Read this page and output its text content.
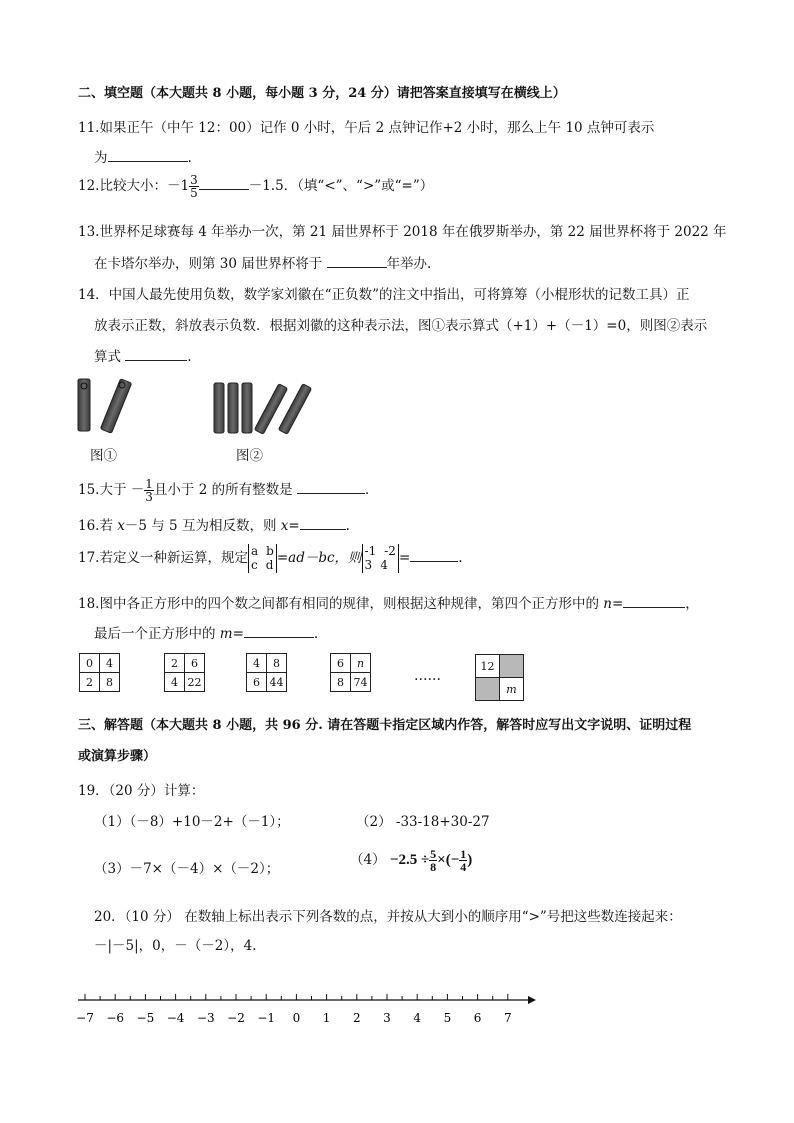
二、填空题（本大题共 8 小题，每小题 3 分，24 分）请把答案直接填写在横线上）
11.如果正午（中午 12：00）记作 0 小时，午后 2 点钟记作+2 小时，那么上午 10 点钟可表示
为	.
12.比较大小：$-1 \frac{3}{5}$	－1.5．（填“<”、“>”或“=”）
13.世界杯足球赛每 4 年举办一次，第 21 届世界杯于 2018 年在俄罗斯举办，第 22 届世界杯将于 2022 年
在卡塔尔举办，则第 30 届世界杯将于	年举办.
14．中国人最先使用负数，数学家刘徽在“正负数”的注文中指出，可将算筹（小棍形状的记数工具）正
放表示正数，斜放表示负数．根据刘徽的这种表示法，图①表示算式（+1）+（－1）=0，则图②表示
算式	.
图①	图②
15.大于 － $\frac{1}{3}$ 且小于 2 的所有整数是	.
16.若 x－5 与 5 互为相反数，则 x=	.
17.若定义一种新运算，规定 a b
c d =ad－bc，则 -1 -2
3 4 =	.
18.图中各正方形中的四个数之间都有相同的规律，则根据这种规律，第四个正方形中的 n=	，
最后一个正方形中的 m=	.
0	4
2	8
2	6
4	22
4	8
6	44
6	n
8	74	……
12	
	m
三、解答题（本大题共 8 小题，共 96 分. 请在答题卡指定区域内作答，解答时应写出文字说明、证明过程
或演算步骤）
19．（20 分）计算：
（1）（－8）+10－2+（－1）；	（2） -33-18+30-27
（3）－7×（－4）×（－2）；
$(4) -2.5 \div \frac{5}{8}$ ×(− $\frac{1}{4}$ )
20．（10 分） 在数轴上标出表示下列各数的点，并按从大到小的顺序用“>”号把这些数连接起来：
－|－5|，0，－（－2），4.
−7 −6 −5 −4 −3 −2 −1 0 1 2 3 4 5 6 7
